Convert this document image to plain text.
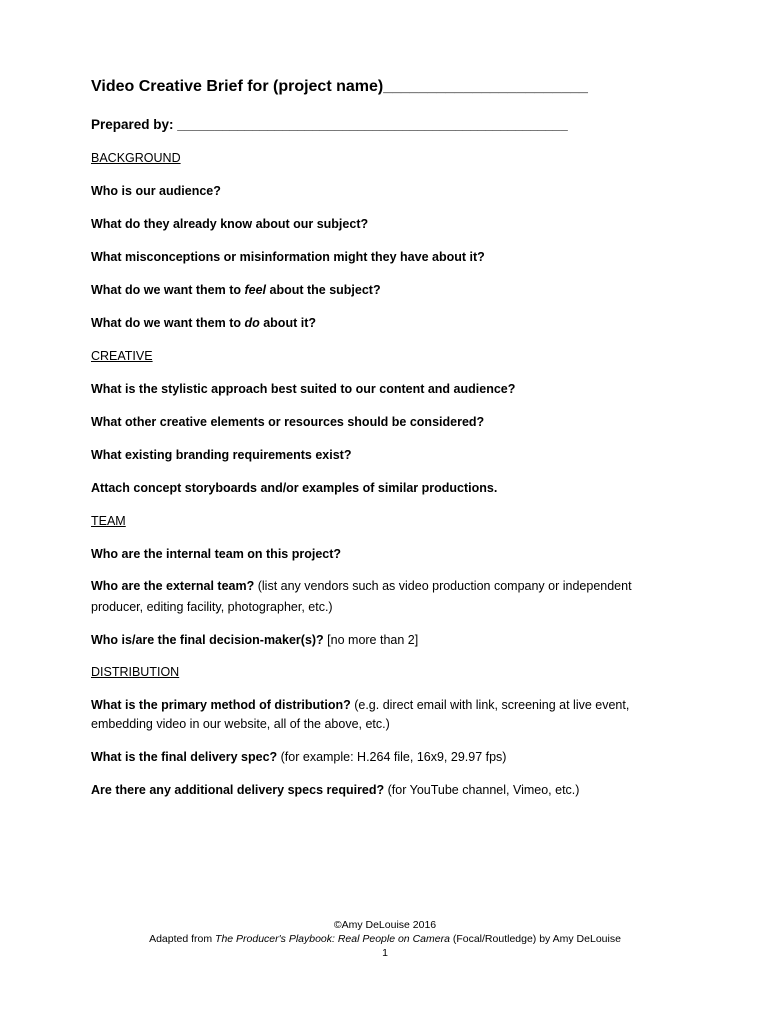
Video Creative Brief for (project name)_______________________
Prepared by: ____________________________________________________
BACKGROUND
Who is our audience?
What do they already know about our subject?
What misconceptions or misinformation might they have about it?
What do we want them to feel about the subject?
What do we want them to do about it?
CREATIVE
What is the stylistic approach best suited to our content and audience?
What other creative elements or resources should be considered?
What existing branding requirements exist?
Attach concept storyboards and/or examples of similar productions.
TEAM
Who are the internal team on this project?
Who are the external team? (list any vendors such as video production company or independent
producer, editing facility, photographer, etc.)
Who is/are the final decision-maker(s)? [no more than 2]
DISTRIBUTION
What is the primary method of distribution? (e.g. direct email with link, screening at live event,
embedding video in our website, all of the above, etc.)
What is the final delivery spec? (for example: H.264 file, 16x9, 29.97 fps)
Are there any additional delivery specs required? (for YouTube channel, Vimeo, etc.)
©Amy DeLouise 2016
Adapted from The Producer's Playbook: Real People on Camera (Focal/Routledge) by Amy DeLouise
1
